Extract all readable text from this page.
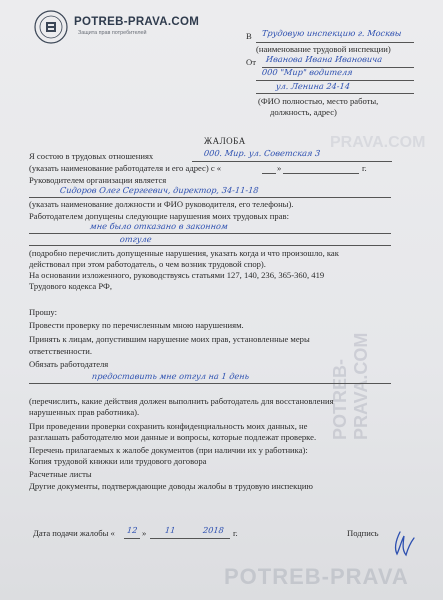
PRAVA.COM
POTREB-PRAVA.COM
POTREB-PRAVA
POTREB-PRAVA.COM
Защита прав потребителей	В Трудовую инспекцию г. Москвы
(наименование трудовой инспекции)
От Иванова Ивана Ивановича
000 "Мир" водителя
ул. Ленина 24-14
(ФИО полностью, место работы,
должность, адрес)
ЖАЛОБА
Я состою в трудовых отношениях	000. Мир. ул. Советская 3
(указать наименование работодателя и его адрес) с «	»	г.
Руководителем организации является
Сидоров Олег Сергеевич, директор, 34-11-18
(указать наименование должности и ФИО руководителя, его телефоны).
Работодателем допущены следующие нарушения моих трудовых прав:
мне было отказано в законном
отгуле
(подробно перечислить допущенные нарушения, указать когда и что произошло, как
действовал при этом работодатель, о чем возник трудовой спор).
На основании изложенного, руководствуясь статьями 127, 140, 236, 365-360, 419
Трудового кодекса РФ,
Прошу:
Провести проверку по перечисленным мною нарушениям.
Принять к лицам, допустившим нарушение моих прав, установленные меры
ответственности.
Обязать работодателя
предоставить мне отгул на 1 день
(перечислить, какие действия должен выполнить работодатель для восстановления
нарушенных прав работника).
При проведении проверки сохранить конфиденциальность моих данных, не
разглашать работодателю мои данные и вопросы, которые подлежат проверке.
Перечень прилагаемых к жалобе документов (при наличии их у работника):
Копия трудовой книжки или трудового договора
Расчетные листы
Другие документы, подтверждающие доводы жалобы в трудовую инспекцию
Дата подачи жалобы « 12 » 11	2018 г.	Подпись
